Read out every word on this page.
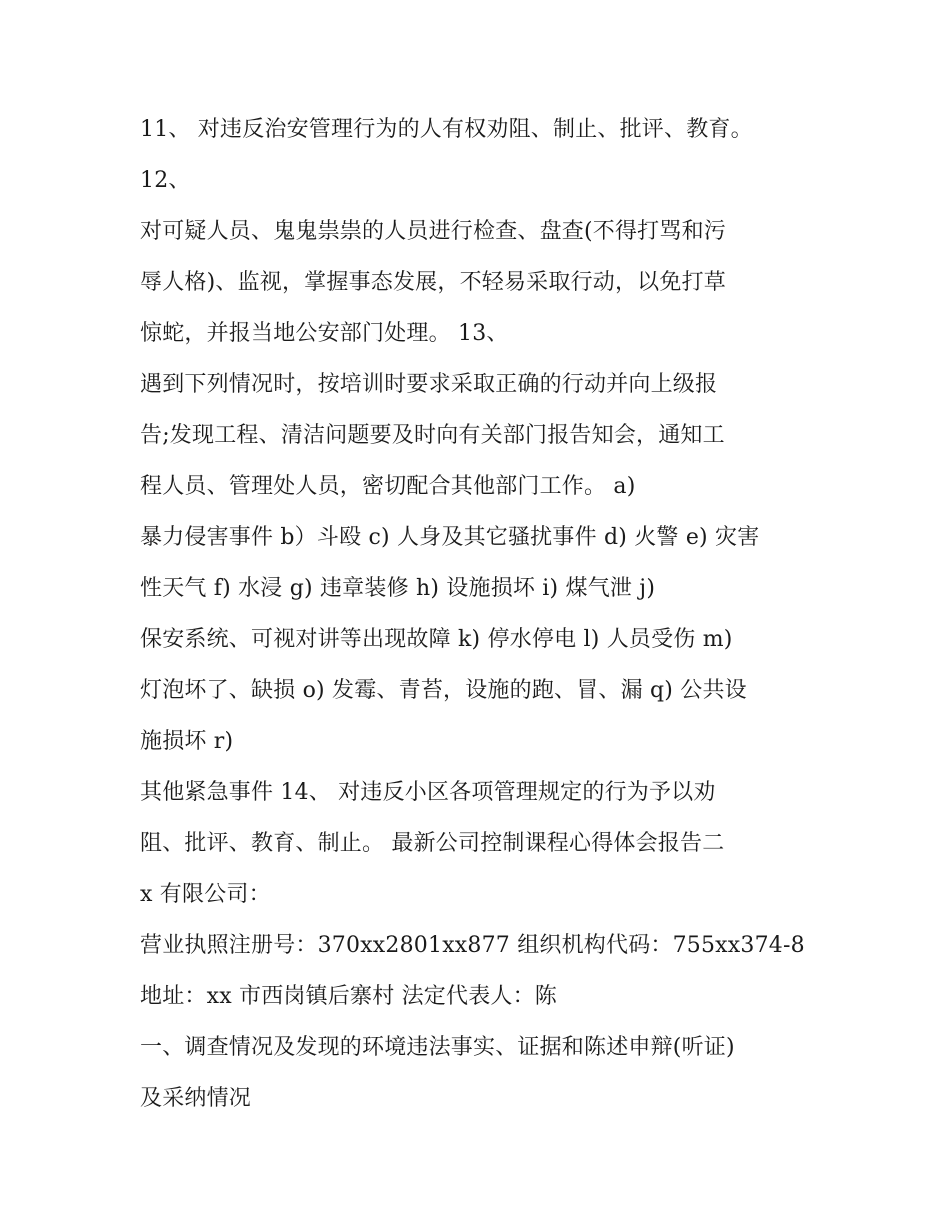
11、 对违反治安管理行为的人有权劝阻、制止、批评、教育。
12、
对可疑人员、鬼鬼祟祟的人员进行检查、盘查(不得打骂和污
辱人格)、监视，掌握事态发展，不轻易采取行动，以免打草
惊蛇，并报当地公安部门处理。 13、
遇到下列情况时，按培训时要求采取正确的行动并向上级报
告;发现工程、清洁问题要及时向有关部门报告知会，通知工
程人员、管理处人员，密切配合其他部门工作。 a)
暴力侵害事件 b）斗殴 c) 人身及其它骚扰事件 d) 火警 e) 灾害
性天气 f) 水浸 g) 违章装修 h) 设施损坏 i) 煤气泄 j)
保安系统、可视对讲等出现故障 k) 停水停电 l) 人员受伤 m)
灯泡坏了、缺损 o) 发霉、青苔，设施的跑、冒、漏 q) 公共设
施损坏 r)
其他紧急事件 14、 对违反小区各项管理规定的行为予以劝
阻、批评、教育、制止。 最新公司控制课程心得体会报告二
x 有限公司：
营业执照注册号：370xx2801xx877 组织机构代码：755xx374-8
地址：xx 市西岗镇后寨村 法定代表人：陈
一、调查情况及发现的环境违法事实、证据和陈述申辩(听证)
及采纳情况
